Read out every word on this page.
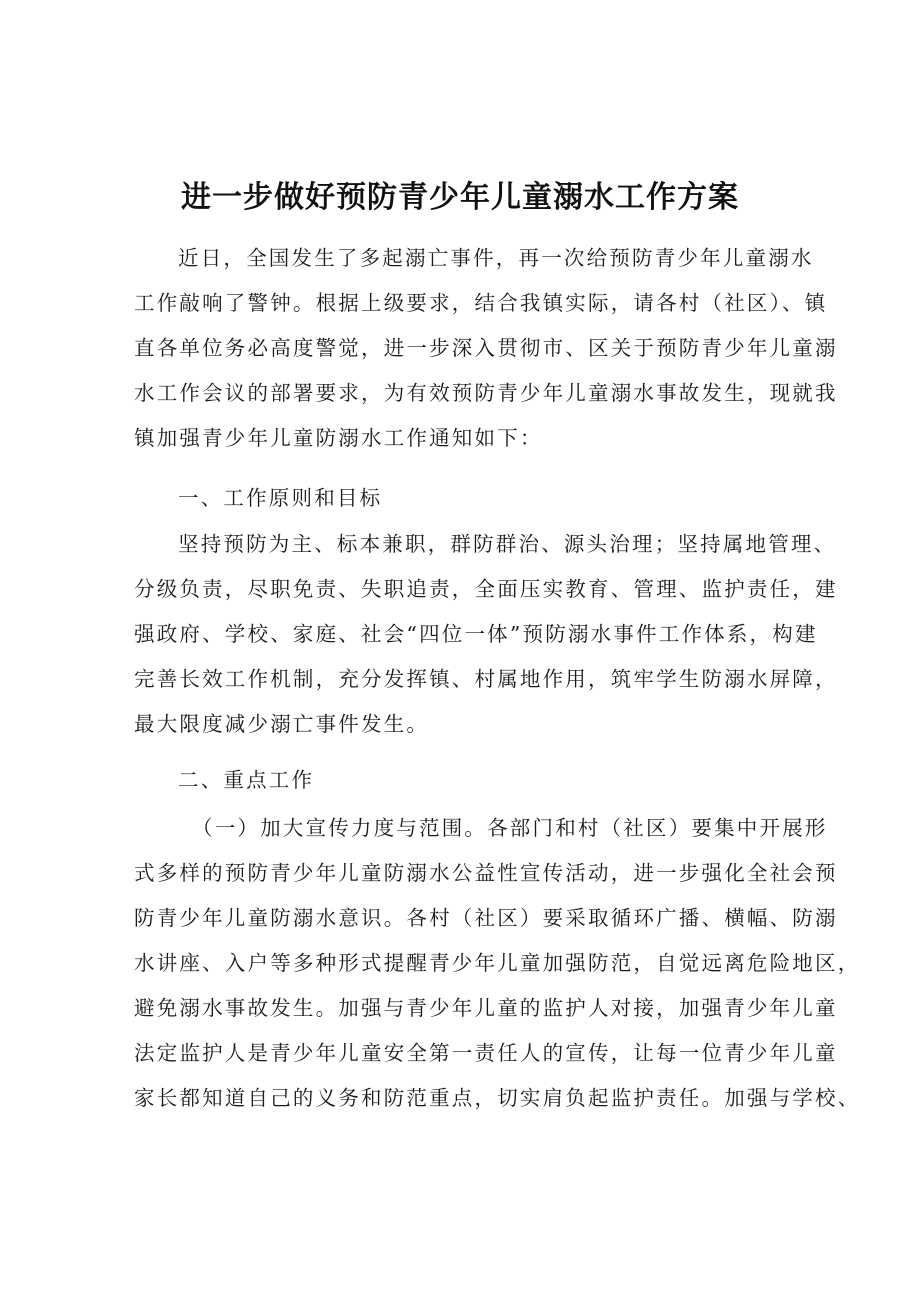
进一步做好预防青少年儿童溺水工作方案
近日，全国发生了多起溺亡事件，再一次给预防青少年儿童溺水
工作敲响了警钟。根据上级要求，结合我镇实际，请各村（社区）、镇
直各单位务必高度警觉，进一步深入贯彻市、区关于预防青少年儿童溺
水工作会议的部署要求，为有效预防青少年儿童溺水事故发生，现就我
镇加强青少年儿童防溺水工作通知如下：
一、工作原则和目标
坚持预防为主、标本兼职，群防群治、源头治理；坚持属地管理、
分级负责，尽职免责、失职追责，全面压实教育、管理、监护责任，建
强政府、学校、家庭、社会“四位一体”预防溺水事件工作体系，构建
完善长效工作机制，充分发挥镇、村属地作用，筑牢学生防溺水屏障，
最大限度减少溺亡事件发生。
二、重点工作
（一）加大宣传力度与范围。各部门和村（社区）要集中开展形
式多样的预防青少年儿童防溺水公益性宣传活动，进一步强化全社会预
防青少年儿童防溺水意识。各村（社区）要采取循环广播、横幅、防溺
水讲座、入户等多种形式提醒青少年儿童加强防范，自觉远离危险地区，
避免溺水事故发生。加强与青少年儿童的监护人对接，加强青少年儿童
法定监护人是青少年儿童安全第一责任人的宣传，让每一位青少年儿童
家长都知道自己的义务和防范重点，切实肩负起监护责任。加强与学校、
